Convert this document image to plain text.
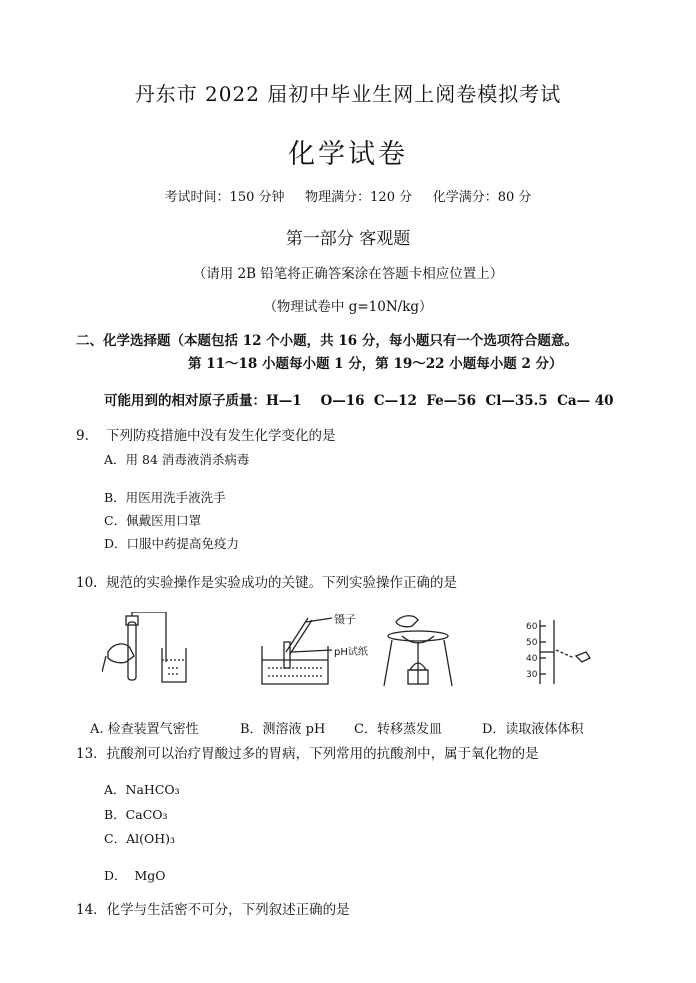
丹东市 2022 届初中毕业生网上阅卷模拟考试
化学试卷
考试时间：150 分钟     物理满分：120 分     化学满分：80 分
第一部分 客观题
（请用 2B 铅笔将正确答案涂在答题卡相应位置上）
（物理试卷中 g=10N/kg）
二、化学选择题（本题包括 12 个小题，共 16 分，每小题只有一个选项符合题意。
第 11～18 小题每小题 1 分，第 19～22 小题每小题 2 分）
可能用到的相对原子质量：H—1    O—16  C—12  Fe—56  Cl—35.5  Ca— 40
9.    下列防疫措施中没有发生化学变化的是
A．用 84 消毒液消杀病毒
B．用医用洗手液洗手
C．佩戴医用口罩
D．口服中药提高免疫力
10.  规范的实验操作是实验成功的关键。下列实验操作正确的是
镊子
pH试纸
60
50
40
30
A. 检查装置气密性	B．测溶液 pH C．转移蒸发皿	D．读取液体体积
13．抗酸剂可以治疗胃酸过多的胃病，下列常用的抗酸剂中，属于氧化物的是
A．NaHCO₃
B．CaCO₃
C．Al(OH)₃
D．  MgO
14．化学与生活密不可分，下列叙述正确的是
